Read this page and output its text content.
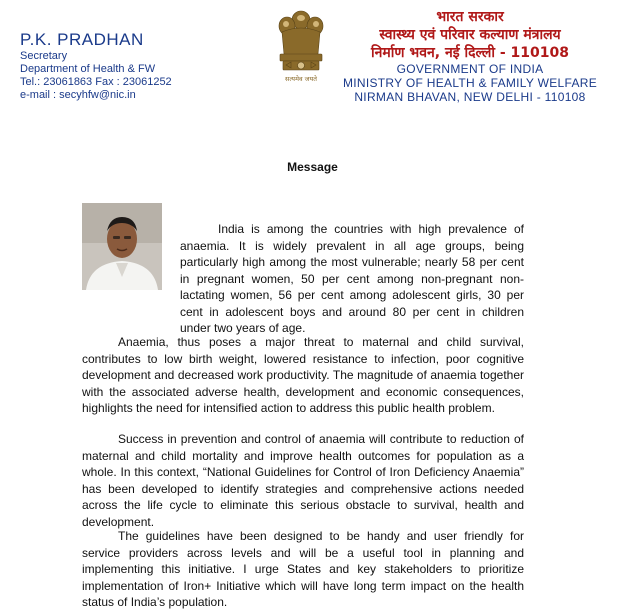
P.K. PRADHAN
Secretary
Department of Health & FW
Tel.: 23061863 Fax : 23061252
e-mail : secyhfw@nic.in
सत्यमेव जयते
भारत सरकार
स्वास्थ्य एवं परिवार कल्याण मंत्रालय
निर्माण भवन, नई दिल्ली - 110108
GOVERNMENT OF INDIA
MINISTRY OF HEALTH & FAMILY WELFARE
NIRMAN BHAVAN, NEW DELHI - 110108
Message

India is among the countries with high prevalence of anaemia. It is widely prevalent in all age groups, being particularly high among the most vulnerable; nearly 58 per cent in pregnant women, 50 per cent among non-pregnant non-lactating women, 56 per cent among adolescent girls, 30 per cent in adolescent boys and around 80 per cent in children under two years of age.

Anaemia, thus poses a major threat to maternal and child survival, contributes to low birth weight, lowered resistance to infection, poor cognitive development and decreased work productivity. The magnitude of anaemia together with the associated adverse health, development and economic consequences, highlights the need for intensified action to address this public health problem.

Success in prevention and control of anaemia will contribute to reduction of maternal and child mortality and improve health outcomes for population as a whole. In this context, “National Guidelines for Control of Iron Deficiency Anaemia” has been developed to identify strategies and comprehensive actions needed across the life cycle to eliminate this serious obstacle to survival, health and development.

The guidelines have been designed to be handy and user friendly for service providers across levels and will be a useful tool in planning and implementing this initiative. I urge States and key stakeholders to prioritize implementation of Iron+ Initiative which will have long term impact on the health status of India’s population.
